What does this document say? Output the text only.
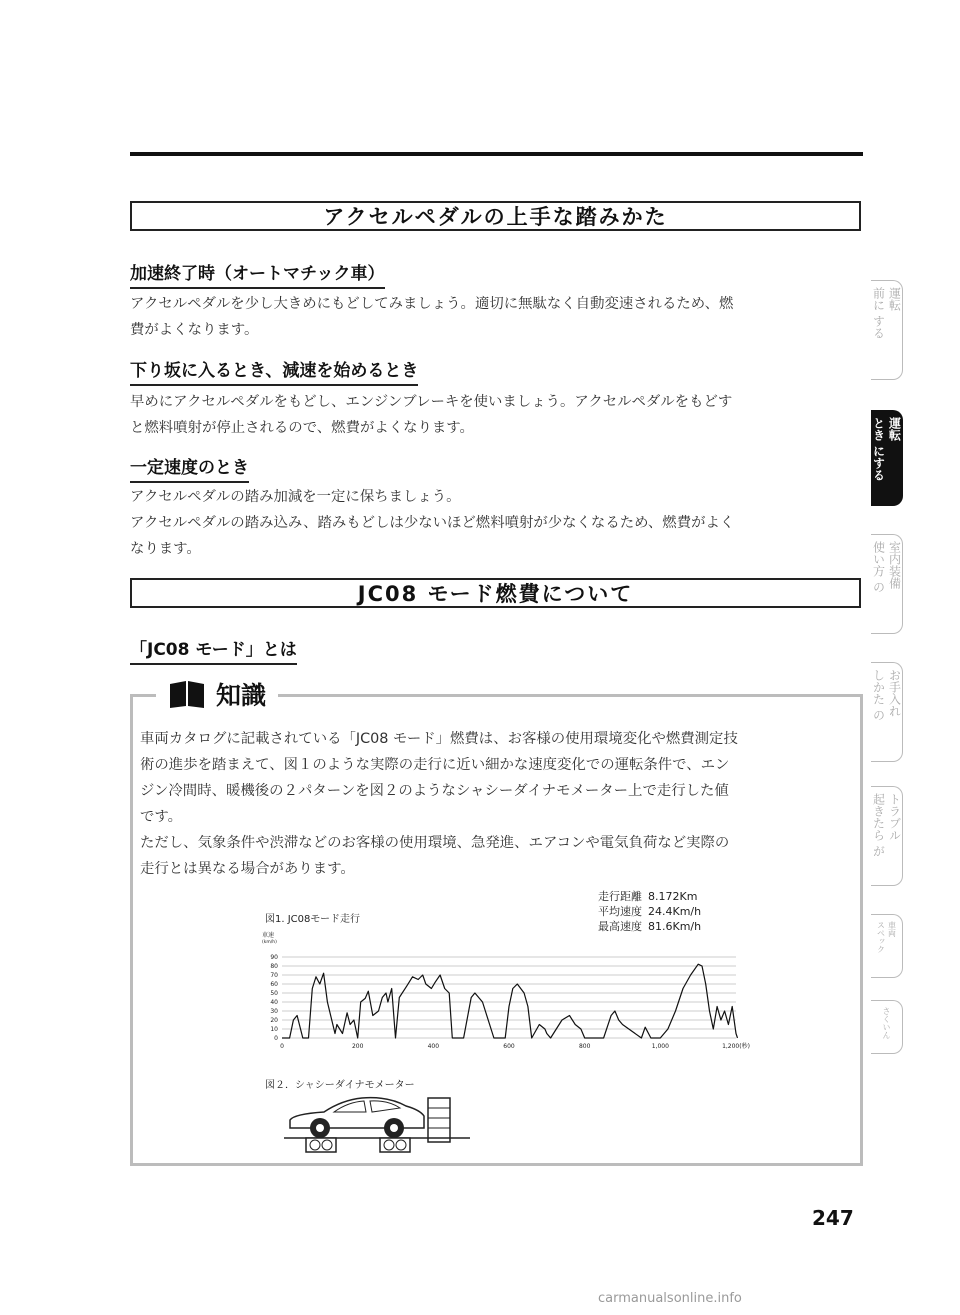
アクセルペダルの上手な踏みかた
加速終了時（オートマチック車）

アクセルペダルを少し大きめにもどしてみましょう。適切に無駄なく自動変速されるため、燃

費がよくなります。

下り坂に入るとき、減速を始めるとき

早めにアクセルペダルをもどし、エンジンブレーキを使いましょう。アクセルペダルをもどす

と燃料噴射が停止されるので、燃費がよくなります。

一定速度のとき

アクセルペダルの踏み加減を一定に保ちましょう。

アクセルペダルの踏み込み、踏みもどしは少ないほど燃料噴射が少なくなるため、燃費がよく

なります。

JC08 モード燃費について
「JC08 モード」とは
運転
前に する
運転
とき にする
室内装備
使い方 の
お手入れ
しかた の
トラブル
起きたら が
車両
スペック
さくいん
知識

車両カタログに記載されている「JC08 モード」燃費は、お客様の使用環境変化や燃費測定技

術の進歩を踏まえて、図１のような実際の走行に近い細かな速度変化での運転条件で、エン

ジン冷間時、暖機後の２パターンを図２のようなシャシーダイナモメーター上で走行した値

です。

ただし、気象条件や渋滞などのお客様の使用環境、急発進、エアコンや電気負荷など実際の

走行とは異なる場合があります。

図1. JC08モード走行
走行距離 8.172Km
平均速度 24.4Km/h
最高速度 81.6Km/h
車速
(km/h)
0
10
20
30
40
50
60
70
80
90
0	200	400	600	800	1,000	1,200(秒)
図２．シャシーダイナモメーター
247
carmanualsonline.info
